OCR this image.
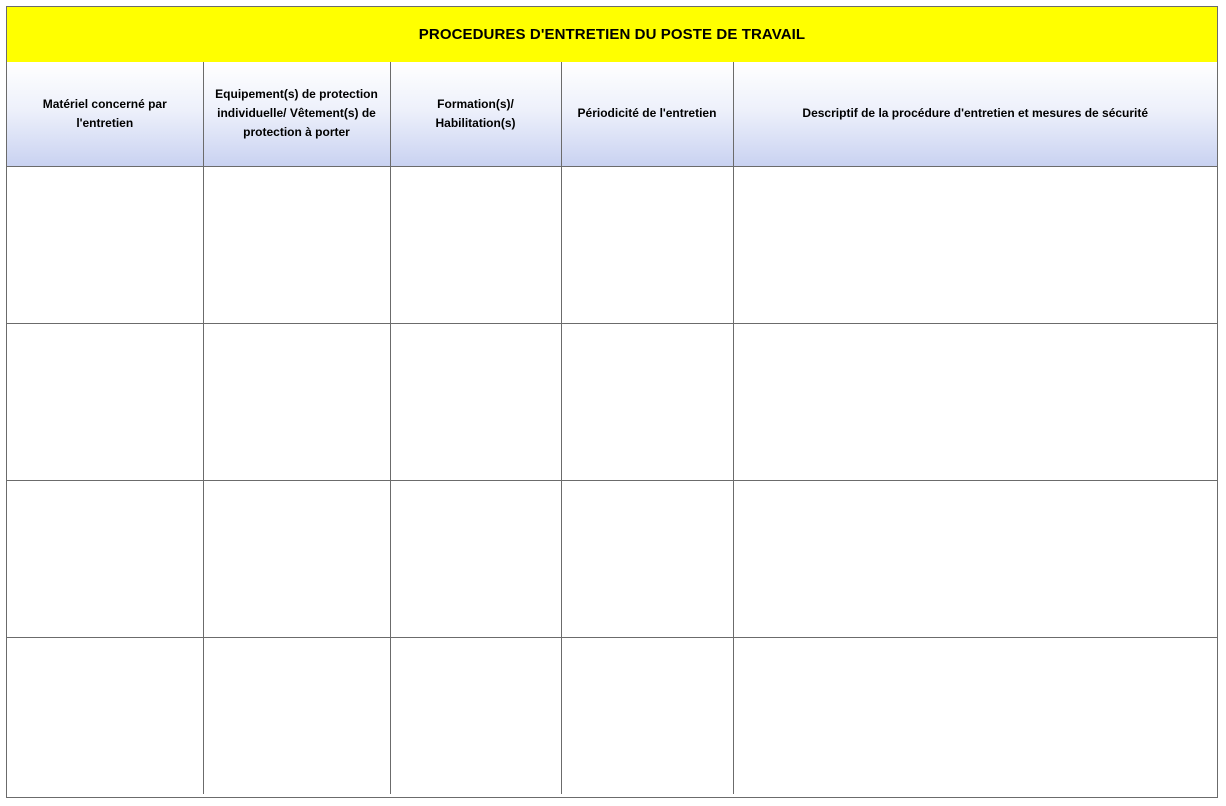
PROCEDURES D'ENTRETIEN DU POSTE DE TRAVAIL
Matériel concerné par l'entretien	Equipement(s) de protection individuelle/ Vêtement(s) de protection à porter	Formation(s)/ Habilitation(s)	Périodicité de l'entretien	Descriptif de la procédure d'entretien et mesures de sécurité
